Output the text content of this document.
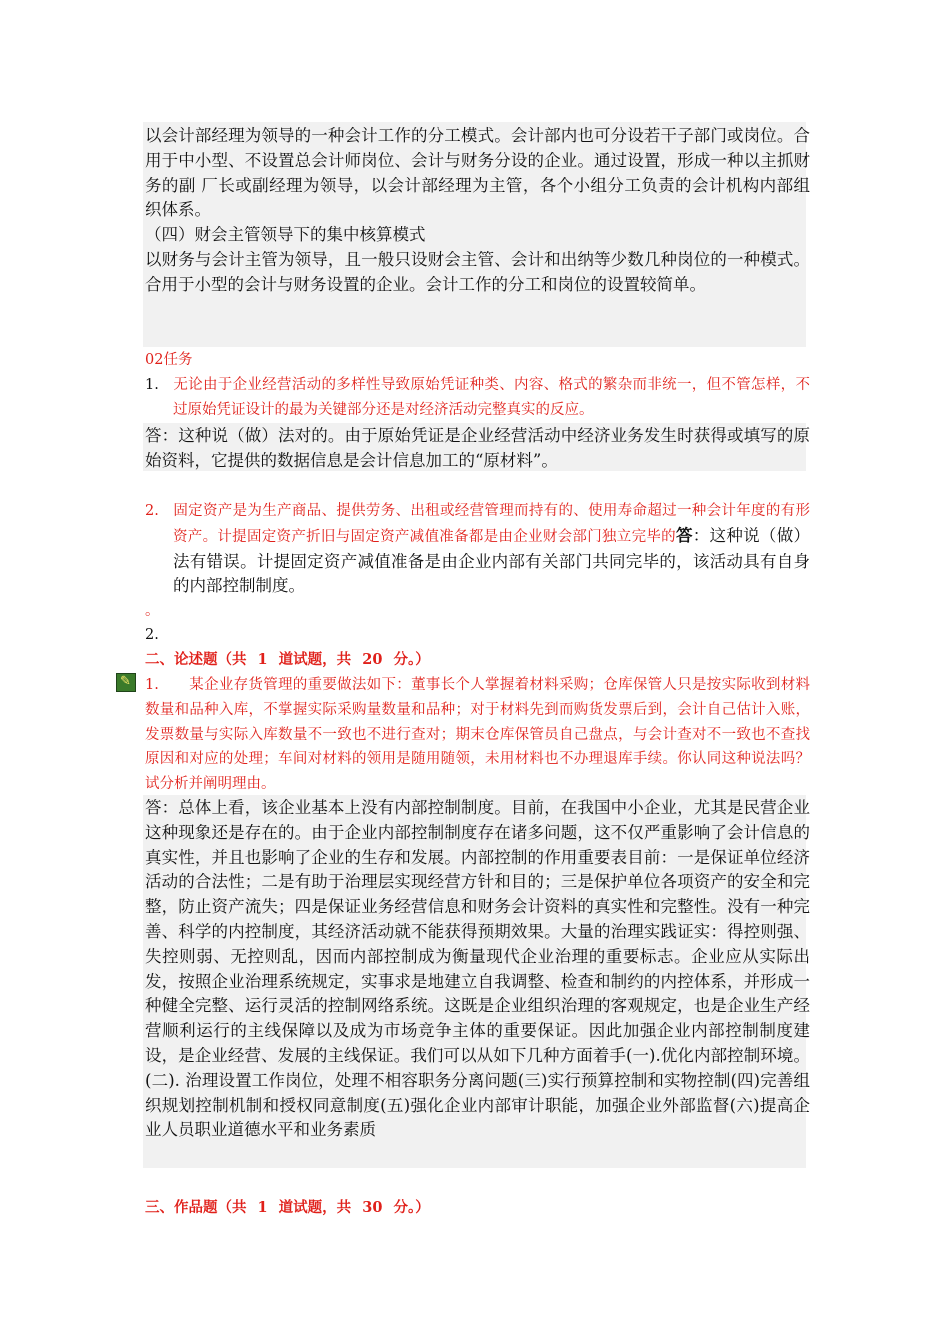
以会计部经理为领导的一种会计工作的分工模式。会计部内也可分设若干子部门或岗位。合用于中小型、不设置总会计师岗位、会计与财务分设的企业。通过设置，形成一种以主抓财务的副 厂长或副经理为领导，以会计部经理为主管，各个小组分工负责的会计机构内部组织体系。

（四）财会主管领导下的集中核算模式

以财务与会计主管为领导，且一般只设财会主管、会计和出纳等少数几种岗位的一种模式。合用于小型的会计与财务设置的企业。会计工作的分工和岗位的设置较简单。

02任务

1. 无论由于企业经营活动的多样性导致原始凭证种类、内容、格式的繁杂而非统一，但不管怎样，不过原始凭证设计的最为关键部分还是对经济活动完整真实的反应。

答：这种说（做）法对的。由于原始凭证是企业经营活动中经济业务发生时获得或填写的原始资料，它提供的数据信息是会计信息加工的“原材料”。

2. 固定资产是为生产商品、提供劳务、出租或经营管理而持有的、使用寿命超过一种会计年度的有形资产。计提固定资产折旧与固定资产减值准备都是由企业财会部门独立完毕的答：这种说（做）法有错误。计提固定资产减值准备是由企业内部有关部门共同完毕的，该活动具有自身的内部控制制度。

。
2.
二、论述题（共 1 道试题，共 20 分。）
✎ 1. 某企业存货管理的重要做法如下：董事长个人掌握着材料采购；仓库保管人只是按实际收到材料数量和品种入库，不掌握实际采购量数量和品种；对于材料先到而购货发票后到，会计自己估计入账，发票数量与实际入库数量不一致也不进行查对；期末仓库保管员自己盘点，与会计查对不一致也不查找原因和对应的处理；车间对材料的领用是随用随领，未用材料也不办理退库手续。你认同这种说法吗？试分析并阐明理由。

答：总体上看，该企业基本上没有内部控制制度。目前，在我国中小企业，尤其是民营企业这种现象还是存在的。由于企业内部控制制度存在诸多问题，这不仅严重影响了会计信息的真实性，并且也影响了企业的生存和发展。内部控制的作用重要表目前：一是保证单位经济活动的合法性；二是有助于治理层实现经营方针和目的；三是保护单位各项资产的安全和完整，防止资产流失；四是保证业务经营信息和财务会计资料的真实性和完整性。没有一种完善、科学的内控制度，其经济活动就不能获得预期效果。大量的治理实践证实：得控则强、失控则弱、无控则乱，因而内部控制成为衡量现代企业治理的重要标志。企业应从实际出发，按照企业治理系统规定，实事求是地建立自我调整、检查和制约的内控体系，并形成一种健全完整、运行灵活的控制网络系统。这既是企业组织治理的客观规定，也是企业生产经营顺利运行的主线保障以及成为市场竞争主体的重要保证。因此加强企业内部控制制度建设，是企业经营、发展的主线保证。我们可以从如下几种方面着手(一).优化内部控制环境。 (二). 治理设置工作岗位，处理不相容职务分离问题(三)实行预算控制和实物控制(四)完善组织规划控制机制和授权同意制度(五)强化企业内部审计职能，加强企业外部监督(六)提高企业人员职业道德水平和业务素质

三、作品题（共 1 道试题，共 30 分。）
